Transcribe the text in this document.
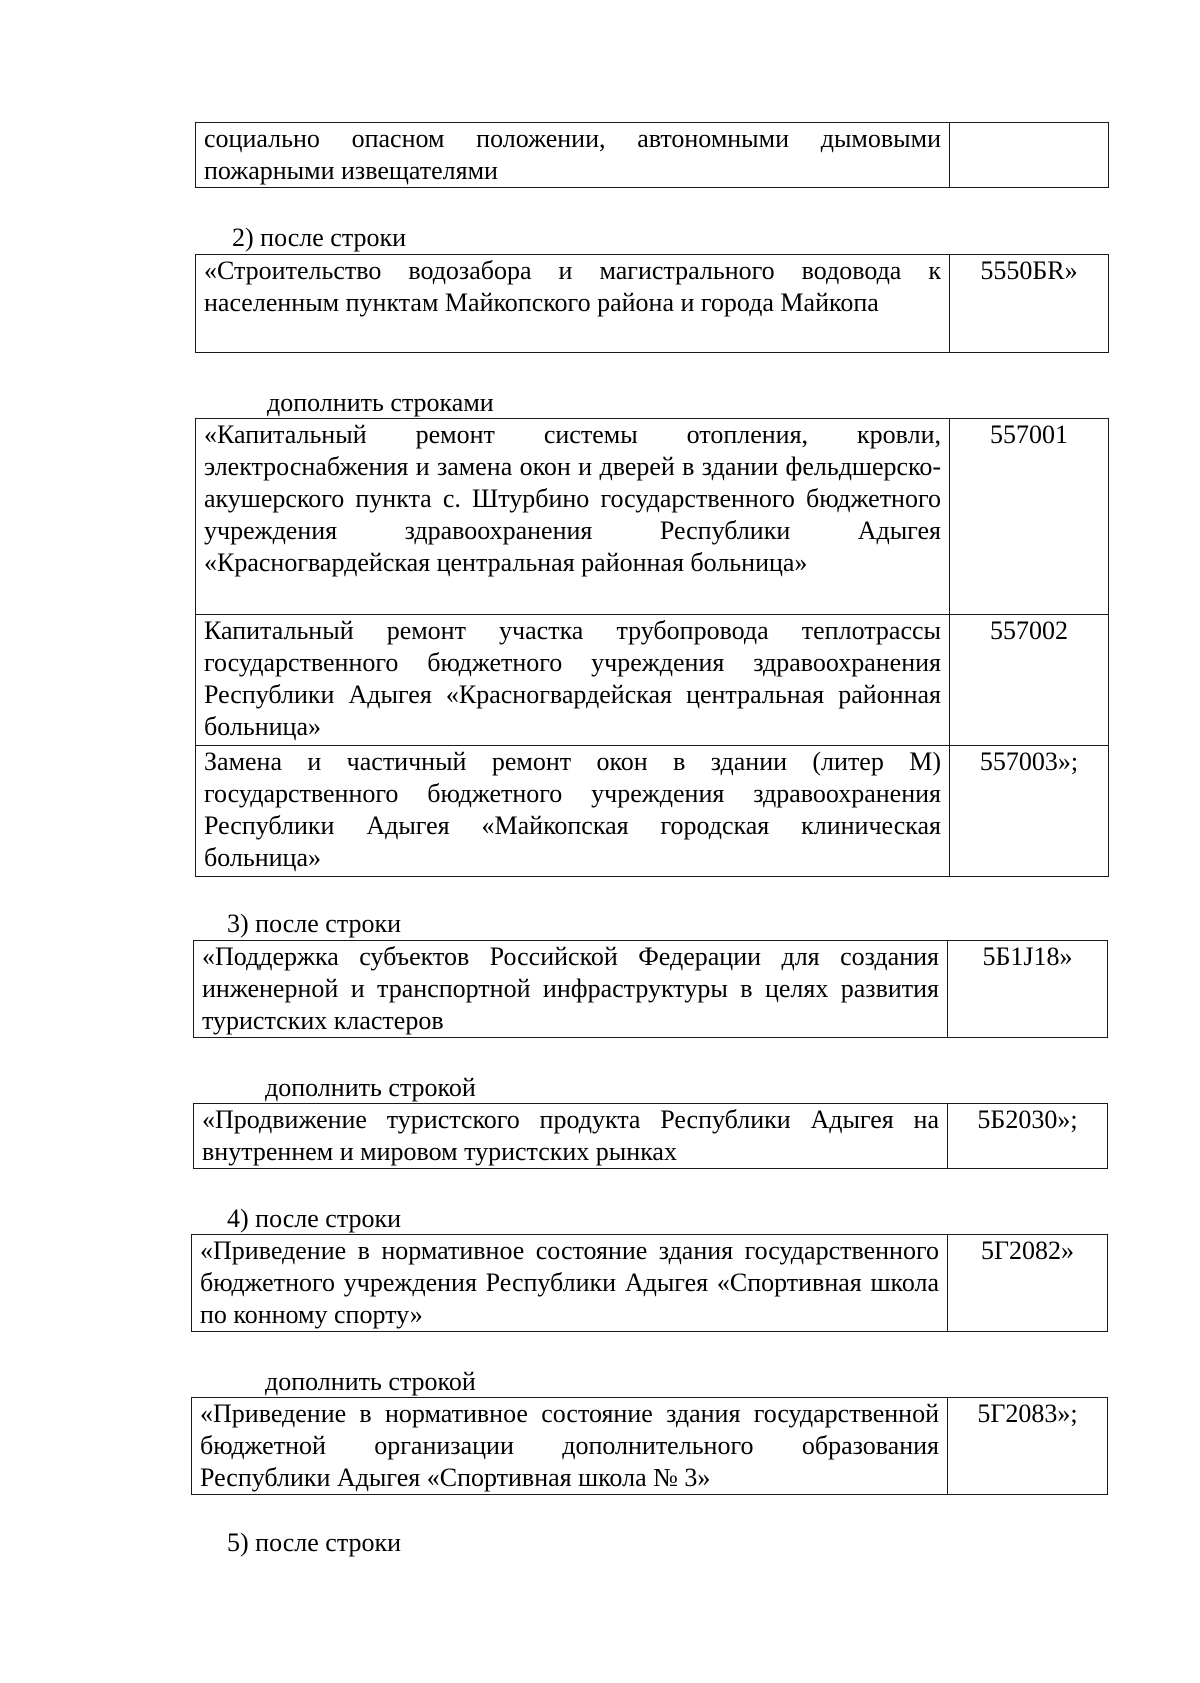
социально опасном положении, автономными дымовыми пожарными извещателями	
2) после строки
«Строительство водозабора и магистрального водовода к населенным пунктам Майкопского района и города Майкопа	5550БR»
дополнить строками
«Капитальный ремонт системы отопления, кровли, электроснабжения и замена окон и дверей в здании фельдшерско-акушерского пункта с. Штурбино государственного бюджетного учреждения здравоохранения Республики Адыгея «Красногвардейская центральная районная больница»	557001
Капитальный ремонт участка трубопровода теплотрассы государственного бюджетного учреждения здравоохранения Республики Адыгея «Красногвардейская центральная районная больница»	557002
Замена и частичный ремонт окон в здании (литер М) государственного бюджетного учреждения здравоохранения Республики Адыгея «Майкопская городская клиническая больница»	557003»;
3) после строки
«Поддержка субъектов Российской Федерации для создания инженерной и транспортной инфраструктуры в целях развития туристских кластеров	5Б1J18»
дополнить строкой
«Продвижение туристского продукта Республики Адыгея на внутреннем и мировом туристских рынках	5Б2030»;
4) после строки
«Приведение в нормативное состояние здания государственного бюджетного учреждения Республики Адыгея «Спортивная школа по конному спорту»	5Г2082»
дополнить строкой
«Приведение в нормативное состояние здания государственной бюджетной организации дополнительного образования Республики Адыгея «Спортивная школа № 3»	5Г2083»;
5) после строки
